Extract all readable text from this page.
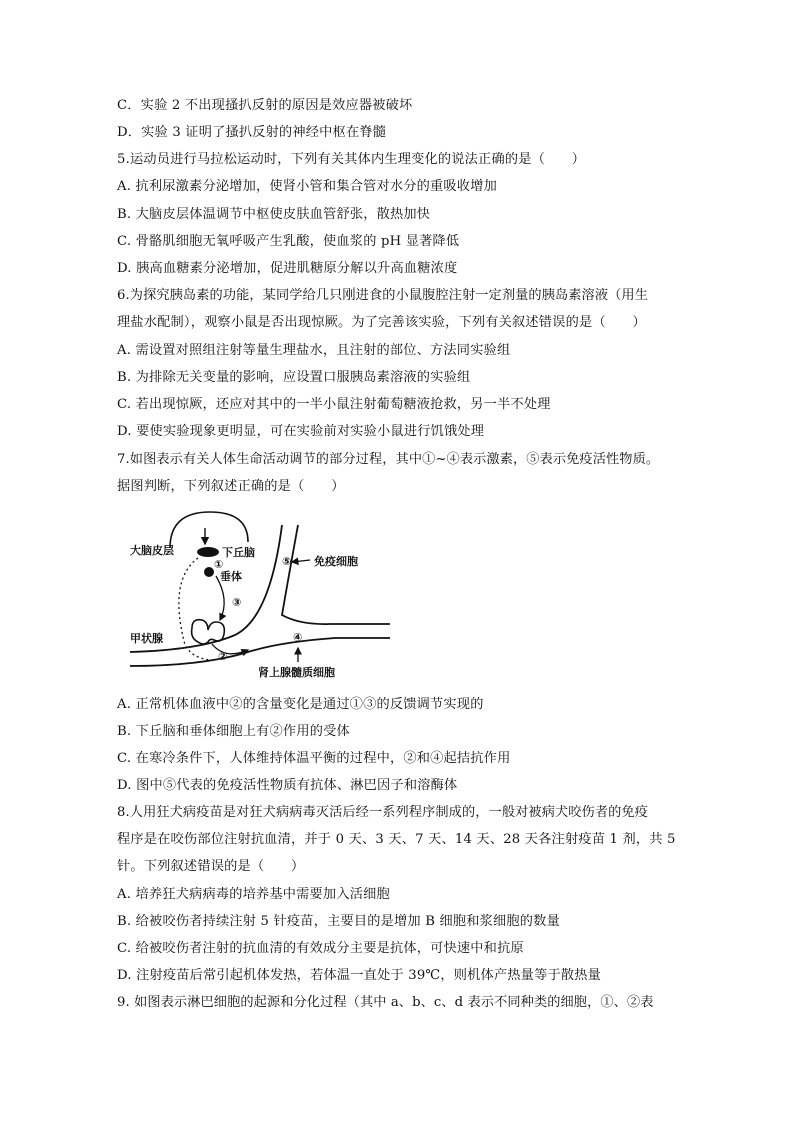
C．实验 2 不出现搔扒反射的原因是效应器被破坏
D．实验 3 证明了搔扒反射的神经中枢在脊髓
5.运动员进行马拉松运动时，下列有关其体内生理变化的说法正确的是（　　）
A. 抗利尿激素分泌增加，使肾小管和集合管对水分的重吸收增加
B. 大脑皮层体温调节中枢使皮肤血管舒张，散热加快
C. 骨骼肌细胞无氧呼吸产生乳酸，使血浆的 pH 显著降低
D. 胰高血糖素分泌增加，促进肌糖原分解以升高血糖浓度
6.为探究胰岛素的功能，某同学给几只刚进食的小鼠腹腔注射一定剂量的胰岛素溶液（用生
理盐水配制），观察小鼠是否出现惊厥。为了完善该实验，下列有关叙述错误的是（　　）
A. 需设置对照组注射等量生理盐水，且注射的部位、方法同实验组
B. 为排除无关变量的影响，应设置口服胰岛素溶液的实验组
C. 若出现惊厥，还应对其中的一半小鼠注射葡萄糖液抢救，另一半不处理
D. 要使实验现象更明显，可在实验前对实验小鼠进行饥饿处理
7.如图表示有关人体生命活动调节的部分过程，其中①~④表示激素，⑤表示免疫活性物质。
据图判断，下列叙述正确的是（　　）
大脑皮层	下丘脑
垂体
甲状腺
免疫细胞
肾上腺髓质细胞
①
③
②
④
⑤
A. 正常机体血液中②的含量变化是通过①③的反馈调节实现的
B. 下丘脑和垂体细胞上有②作用的受体
C. 在寒冷条件下，人体维持体温平衡的过程中，②和④起拮抗作用
D. 图中⑤代表的免疫活性物质有抗体、淋巴因子和溶酶体
8.人用狂犬病疫苗是对狂犬病病毒灭活后经一系列程序制成的，一般对被病犬咬伤者的免疫
程序是在咬伤部位注射抗血清，并于 0 天、3 天、7 天、14 天、28 天各注射疫苗 1 剂，共 5
针。下列叙述错误的是（　　）
A. 培养狂犬病病毒的培养基中需要加入活细胞
B. 给被咬伤者持续注射 5 针疫苗，主要目的是增加 B 细胞和浆细胞的数量
C. 给被咬伤者注射的抗血清的有效成分主要是抗体，可快速中和抗原
D. 注射疫苗后常引起机体发热，若体温一直处于 39℃，则机体产热量等于散热量
9. 如图表示淋巴细胞的起源和分化过程（其中 a、b、c、d 表示不同种类的细胞，①、②表
